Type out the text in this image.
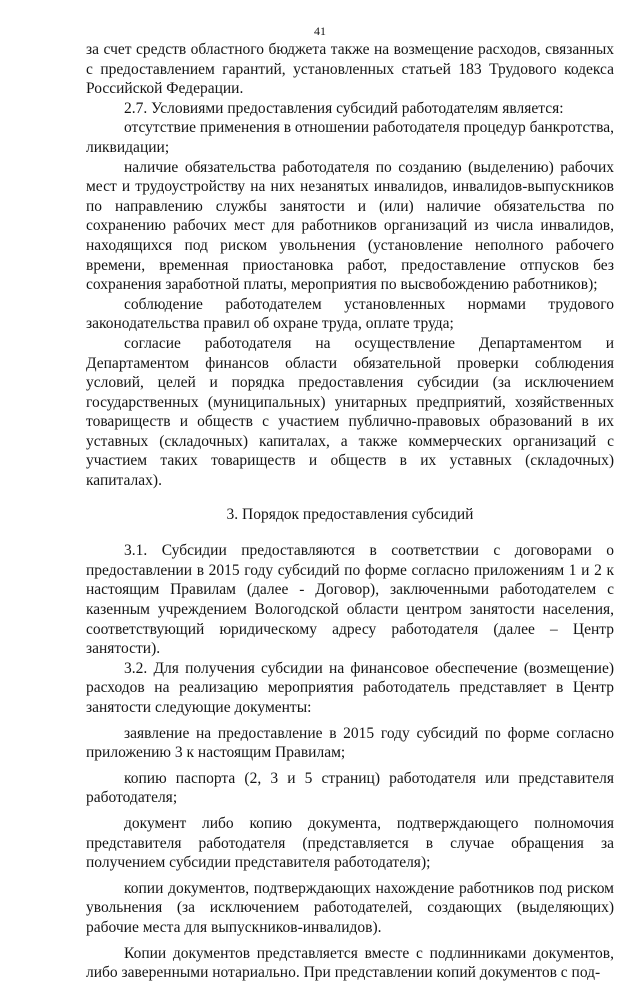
41

за счет средств областного бюджета также на возмещение расходов, связанных с предоставлением гарантий, установленных статьей 183 Трудового кодекса Российской Федерации.

2.7. Условиями предоставления субсидий работодателям является:

отсутствие применения в отношении работодателя процедур банкротства, ликвидации;

наличие обязательства работодателя по созданию (выделению) рабочих мест и трудоустройству на них незанятых инвалидов, инвалидов-выпускников по направлению службы занятости и (или) наличие обязательства по сохранению рабочих мест для работников организаций из числа инвалидов, находящихся под риском увольнения (установление неполного рабочего времени, временная приостановка работ, предоставление отпусков без сохранения заработной платы, мероприятия по высвобождению работников);

соблюдение работодателем установленных нормами трудового законодательства правил об охране труда, оплате труда;

согласие работодателя на осуществление Департаментом и Департаментом финансов области обязательной проверки соблюдения условий, целей и порядка предоставления субсидии (за исключением государственных (муниципальных) унитарных предприятий, хозяйственных товариществ и обществ с участием публично-правовых образований в их уставных (складочных) капиталах, а также коммерческих организаций с участием таких товариществ и обществ в их уставных (складочных) капиталах).

3. Порядок предоставления субсидий

3.1. Субсидии предоставляются в соответствии с договорами о предоставлении в 2015 году субсидий по форме согласно приложениям 1 и 2 к настоящим Правилам (далее - Договор), заключенными работодателем с казенным учреждением Вологодской области центром занятости населения, соответствующий юридическому адресу работодателя (далее – Центр занятости).

3.2. Для получения субсидии на финансовое обеспечение (возмещение) расходов на реализацию мероприятия работодатель представляет в Центр занятости следующие документы:

заявление на предоставление в 2015 году субсидий по форме согласно приложению 3 к настоящим Правилам;

копию паспорта (2, 3 и 5 страниц) работодателя или представителя работодателя;

документ либо копию документа, подтверждающего полномочия представителя работодателя (представляется в случае обращения за получением субсидии представителя работодателя);

копии документов, подтверждающих нахождение работников под риском увольнения (за исключением работодателей, создающих (выделяющих) рабочие места для выпускников-инвалидов).

Копии документов представляется вместе с подлинниками документов, либо заверенными нотариально. При представлении копий документов с под-
